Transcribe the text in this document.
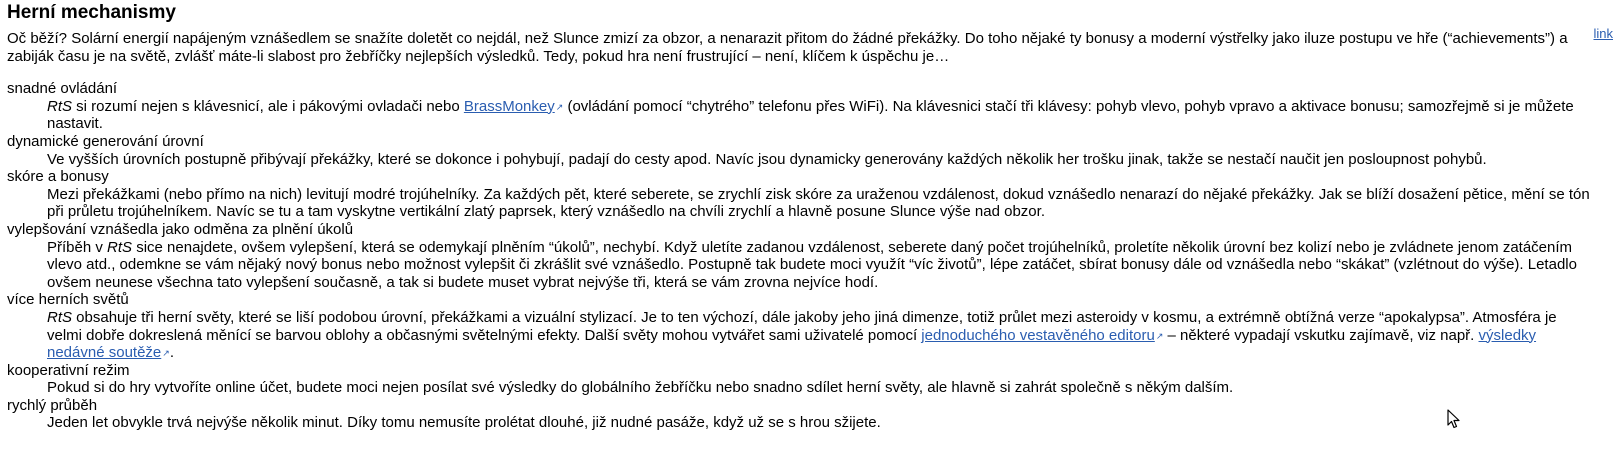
Herní mechanismy
link

Oč běží? Solární energií napájeným vznášedlem se snažíte doletět co nejdál, než Slunce zmizí za obzor, a nenarazit přitom do žádné překážky. Do toho nějaké ty bonusy a moderní výstřelky jako iluze postupu ve hře (“achievements”) a zabiják času je na světě, zvlášť máte-li slabost pro žebříčky nejlepších výsledků. Tedy, pokud hra není frustrující – není, klíčem k úspěchu je…

snadné ovládání
RtS si rozumí nejen s klávesnicí, ale i pákovými ovladači nebo BrassMonkey↗ (ovládání pomocí “chytrého” telefonu přes WiFi). Na klávesnici stačí tři klávesy: pohyb vlevo, pohyb vpravo a aktivace bonusu; samozřejmě si je můžete nastavit.
dynamické generování úrovní
Ve vyšších úrovních postupně přibývají překážky, které se dokonce i pohybují, padají do cesty apod. Navíc jsou dynamicky generovány každých několik her trošku jinak, takže se nestačí naučit jen posloupnost pohybů.
skóre a bonusy
Mezi překážkami (nebo přímo na nich) levitují modré trojúhelníky. Za každých pět, které seberete, se zrychlí zisk skóre za uraženou vzdálenost, dokud vznášedlo nenarazí do nějaké překážky. Jak se blíží dosažení pětice, mění se tón při průletu trojúhelníkem. Navíc se tu a tam vyskytne vertikální zlatý paprsek, který vznášedlo na chvíli zrychlí a hlavně posune Slunce výše nad obzor.
vylepšování vznášedla jako odměna za plnění úkolů
Příběh v RtS sice nenajdete, ovšem vylepšení, která se odemykají plněním “úkolů”, nechybí. Když uletíte zadanou vzdálenost, seberete daný počet trojúhelníků, proletíte několik úrovní bez kolizí nebo je zvládnete jenom zatáčením vlevo atd., odemkne se vám nějaký nový bonus nebo možnost vylepšit či zkrášlit své vznášedlo. Postupně tak budete moci využít “víc životů”, lépe zatáčet, sbírat bonusy dále od vznášedla nebo “skákat” (vzlétnout do výše). Letadlo ovšem neunese všechna tato vylepšení současně, a tak si budete muset vybrat nejvýše tři, která se vám zrovna nejvíce hodí.
více herních světů
RtS obsahuje tři herní světy, které se liší podobou úrovní, překážkami a vizuální stylizací. Je to ten výchozí, dále jakoby jeho jiná dimenze, totiž průlet mezi asteroidy v kosmu, a extrémně obtížná verze “apokalypsa”. Atmosféra je velmi dobře dokreslená měnící se barvou oblohy a občasnými světelnými efekty. Další světy mohou vytvářet sami uživatelé pomocí jednoduchého vestavěného editoru↗ – některé vypadají vskutku zajímavě, viz např. výsledky nedávné soutěže↗.
kooperativní režim
Pokud si do hry vytvoříte online účet, budete moci nejen posílat své výsledky do globálního žebříčku nebo snadno sdílet herní světy, ale hlavně si zahrát společně s někým dalším.
rychlý průběh
Jeden let obvykle trvá nejvýše několik minut. Díky tomu nemusíte prolétat dlouhé, již nudné pasáže, když už se s hrou sžijete.
